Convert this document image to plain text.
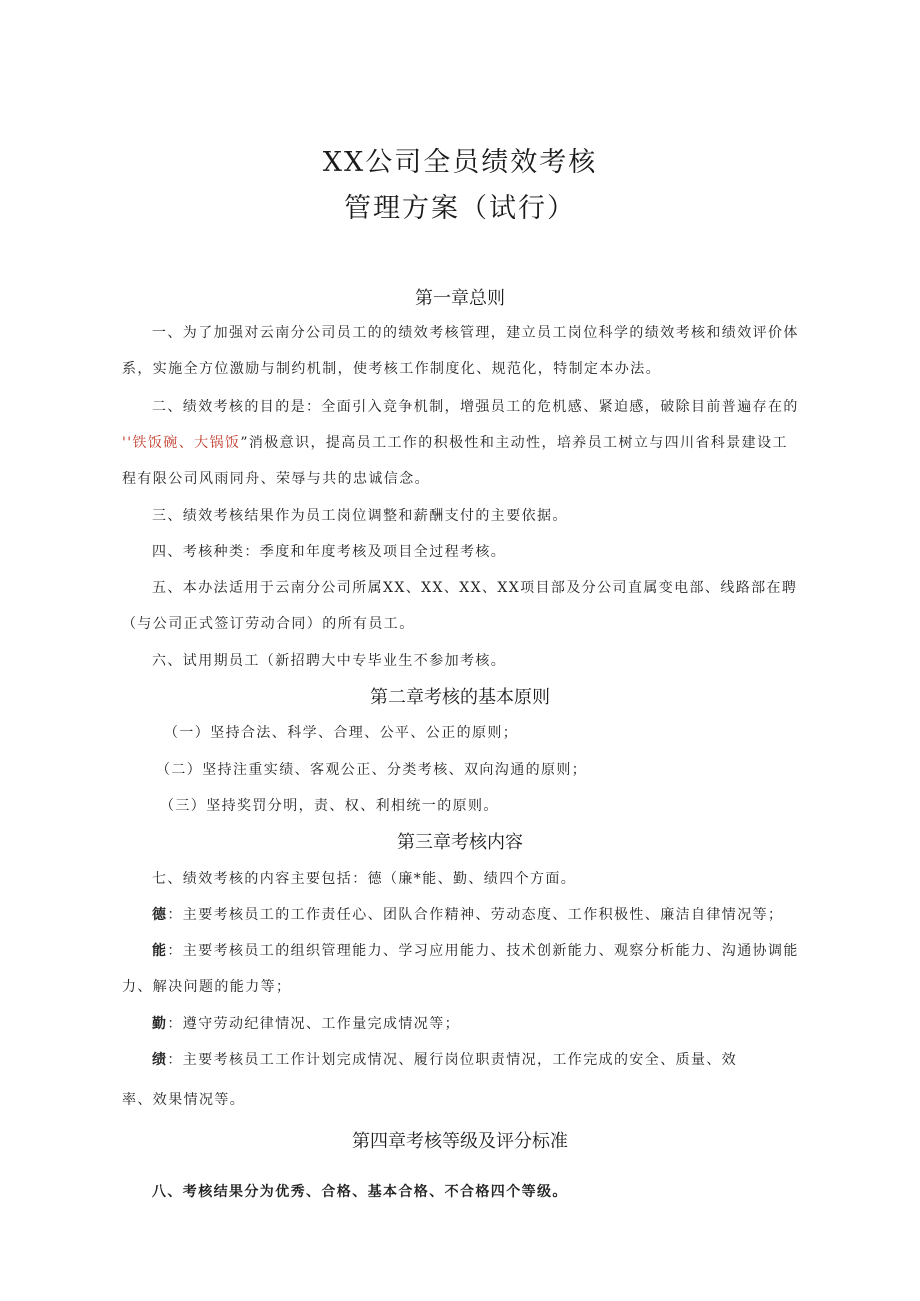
XX公司全员绩效考核
管理方案（试行）
第一章总则
一、为了加强对云南分公司员工的的绩效考核管理，建立员工岗位科学的绩效考核和绩效评价体
系，实施全方位激励与制约机制，使考核工作制度化、规范化，特制定本办法。
二、绩效考核的目的是：全面引入竞争机制，增强员工的危机感、紧迫感，破除目前普遍存在的
''铁饭碗、大锅饭”消极意识，提高员工工作的积极性和主动性，培养员工树立与四川省科景建设工
程有限公司风雨同舟、荣辱与共的忠诚信念。
三、绩效考核结果作为员工岗位调整和薪酬支付的主要依据。
四、考核种类：季度和年度考核及项目全过程考核。
五、本办法适用于云南分公司所属XX、XX、XX、XX项目部及分公司直属变电部、线路部在聘
（与公司正式签订劳动合同）的所有员工。
六、试用期员工（新招聘大中专毕业生不参加考核。
第二章考核的基本原则
（一）坚持合法、科学、合理、公平、公正的原则；
（二）坚持注重实绩、客观公正、分类考核、双向沟通的原则；
（三）坚持奖罚分明，责、权、利相统一的原则。
第三章考核内容
七、绩效考核的内容主要包括：德（廉*能、勤、绩四个方面。
德：主要考核员工的工作责任心、团队合作精神、劳动态度、工作积极性、廉洁自律情况等；
能：主要考核员工的组织管理能力、学习应用能力、技术创新能力、观察分析能力、沟通协调能
力、解决问题的能力等；
勤：遵守劳动纪律情况、工作量完成情况等；
绩：主要考核员工工作计划完成情况、履行岗位职责情况，工作完成的安全、质量、效
率、效果情况等。
第四章考核等级及评分标准
八、考核结果分为优秀、合格、基本合格、不合格四个等级。
